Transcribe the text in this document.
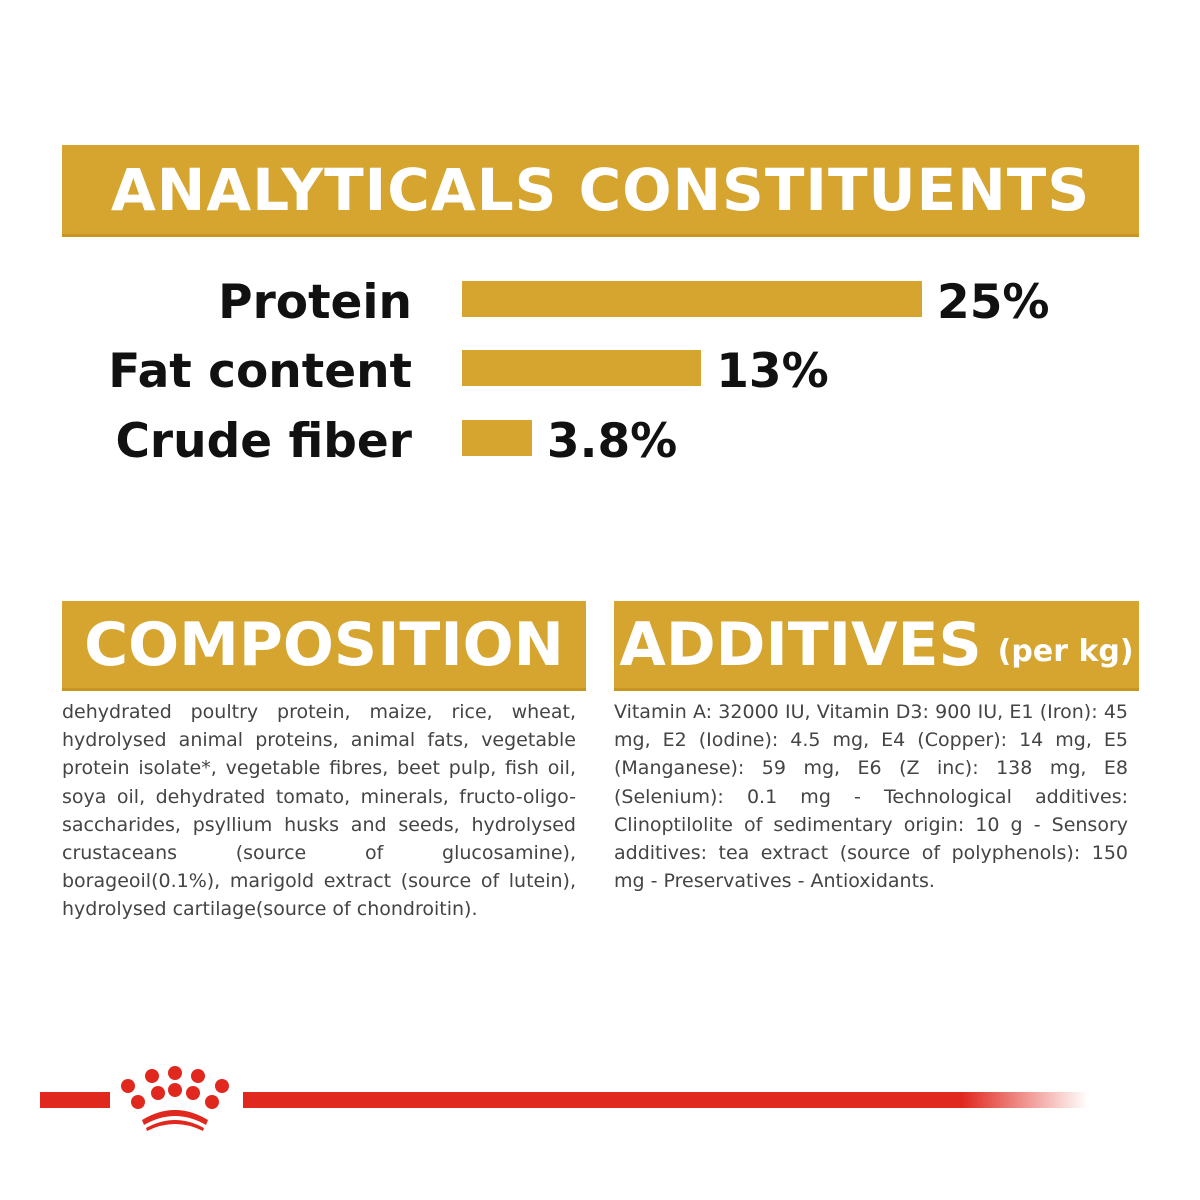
ANALYTICALS CONSTITUENTS
Protein	25%
Fat content	13%
Crude fiber	3.8%
COMPOSITION ADDITIVES (per kg)
dehydrated poultry protein, maize, rice, wheat, hydrolysed animal proteins, animal fats, vegetable protein isolate*, vegetable fibres, beet pulp, fish oil, soya oil, dehydrated tomato, minerals, fructo-oligo-saccharides, psyllium husks and seeds, hydrolysed crustaceans (source of glucosamine), borageoil(0.1%), marigold extract (source of lutein), hydrolysed cartilage(source of chondroitin).
Vitamin A: 32000 IU, Vitamin D3: 900 IU, E1 (Iron): 45 mg, E2 (Iodine): 4.5 mg, E4 (Copper): 14 mg, E5 (Manganese): 59 mg, E6 (Z inc): 138 mg, E8 (Selenium): 0.1 mg - Technological additives: Clinoptilolite of sedimentary origin: 10 g - Sensory additives: tea extract (source of polyphenols): 150 mg - Preservatives - Antioxidants.
